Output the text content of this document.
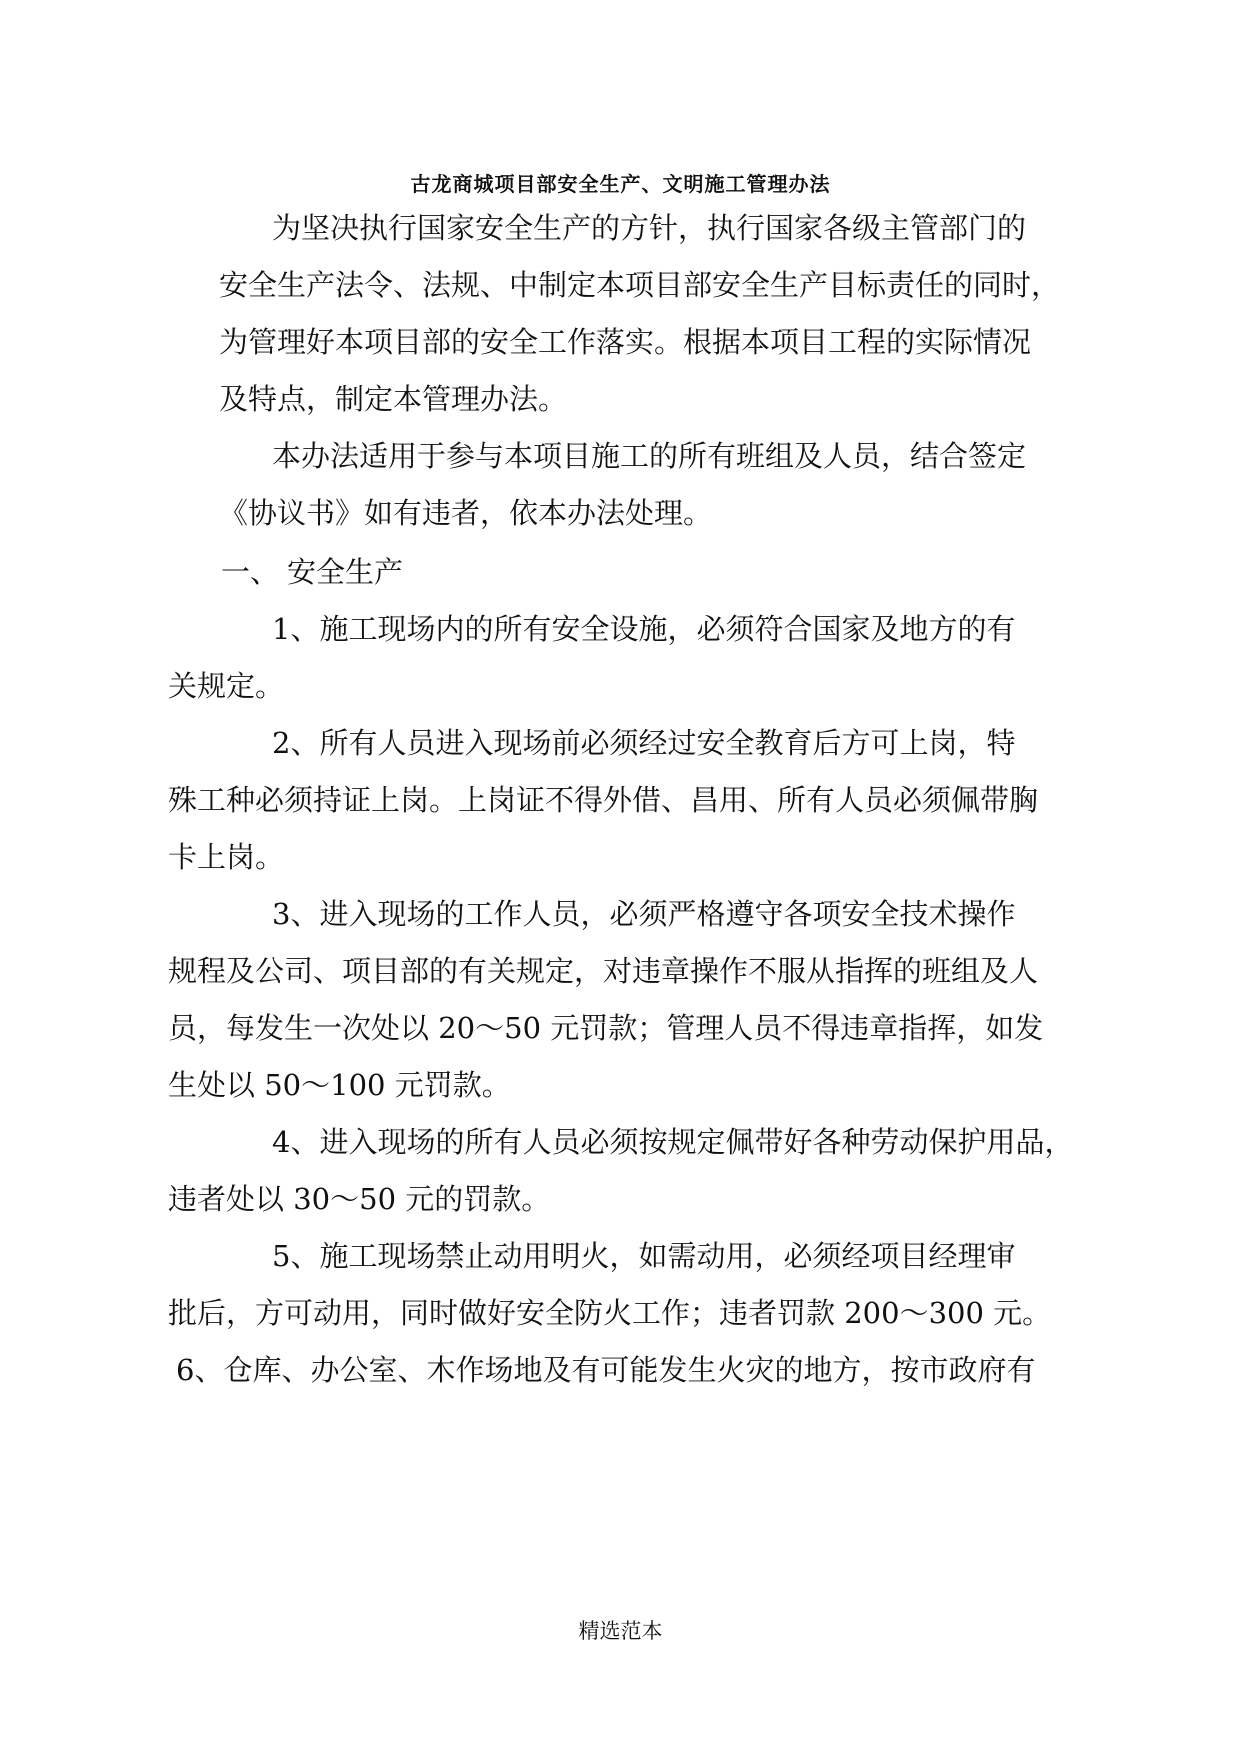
古龙商城项目部安全生产、文明施工管理办法
为坚决执行国家安全生产的方针，执行国家各级主管部门的
安全生产法令、法规、中制定本项目部安全生产目标责任的同时，
为管理好本项目部的安全工作落实。根据本项目工程的实际情况
及特点，制定本管理办法。
本办法适用于参与本项目施工的所有班组及人员，结合签定
《协议书》如有违者，依本办法处理。
一、 安全生产
1、施工现场内的所有安全设施，必须符合国家及地方的有
关规定。
2、所有人员进入现场前必须经过安全教育后方可上岗，特
殊工种必须持证上岗。上岗证不得外借、昌用、所有人员必须佩带胸
卡上岗。
3、进入现场的工作人员，必须严格遵守各项安全技术操作
规程及公司、项目部的有关规定，对违章操作不服从指挥的班组及人
员，每发生一次处以 20～50 元罚款；管理人员不得违章指挥，如发
生处以 50～100 元罚款。
4、进入现场的所有人员必须按规定佩带好各种劳动保护用品，
违者处以 30～50 元的罚款。
5、施工现场禁止动用明火，如需动用，必须经项目经理审
批后，方可动用，同时做好安全防火工作；违者罚款 200～300 元。
6、仓库、办公室、木作场地及有可能发生火灾的地方，按市政府有
精选范本
